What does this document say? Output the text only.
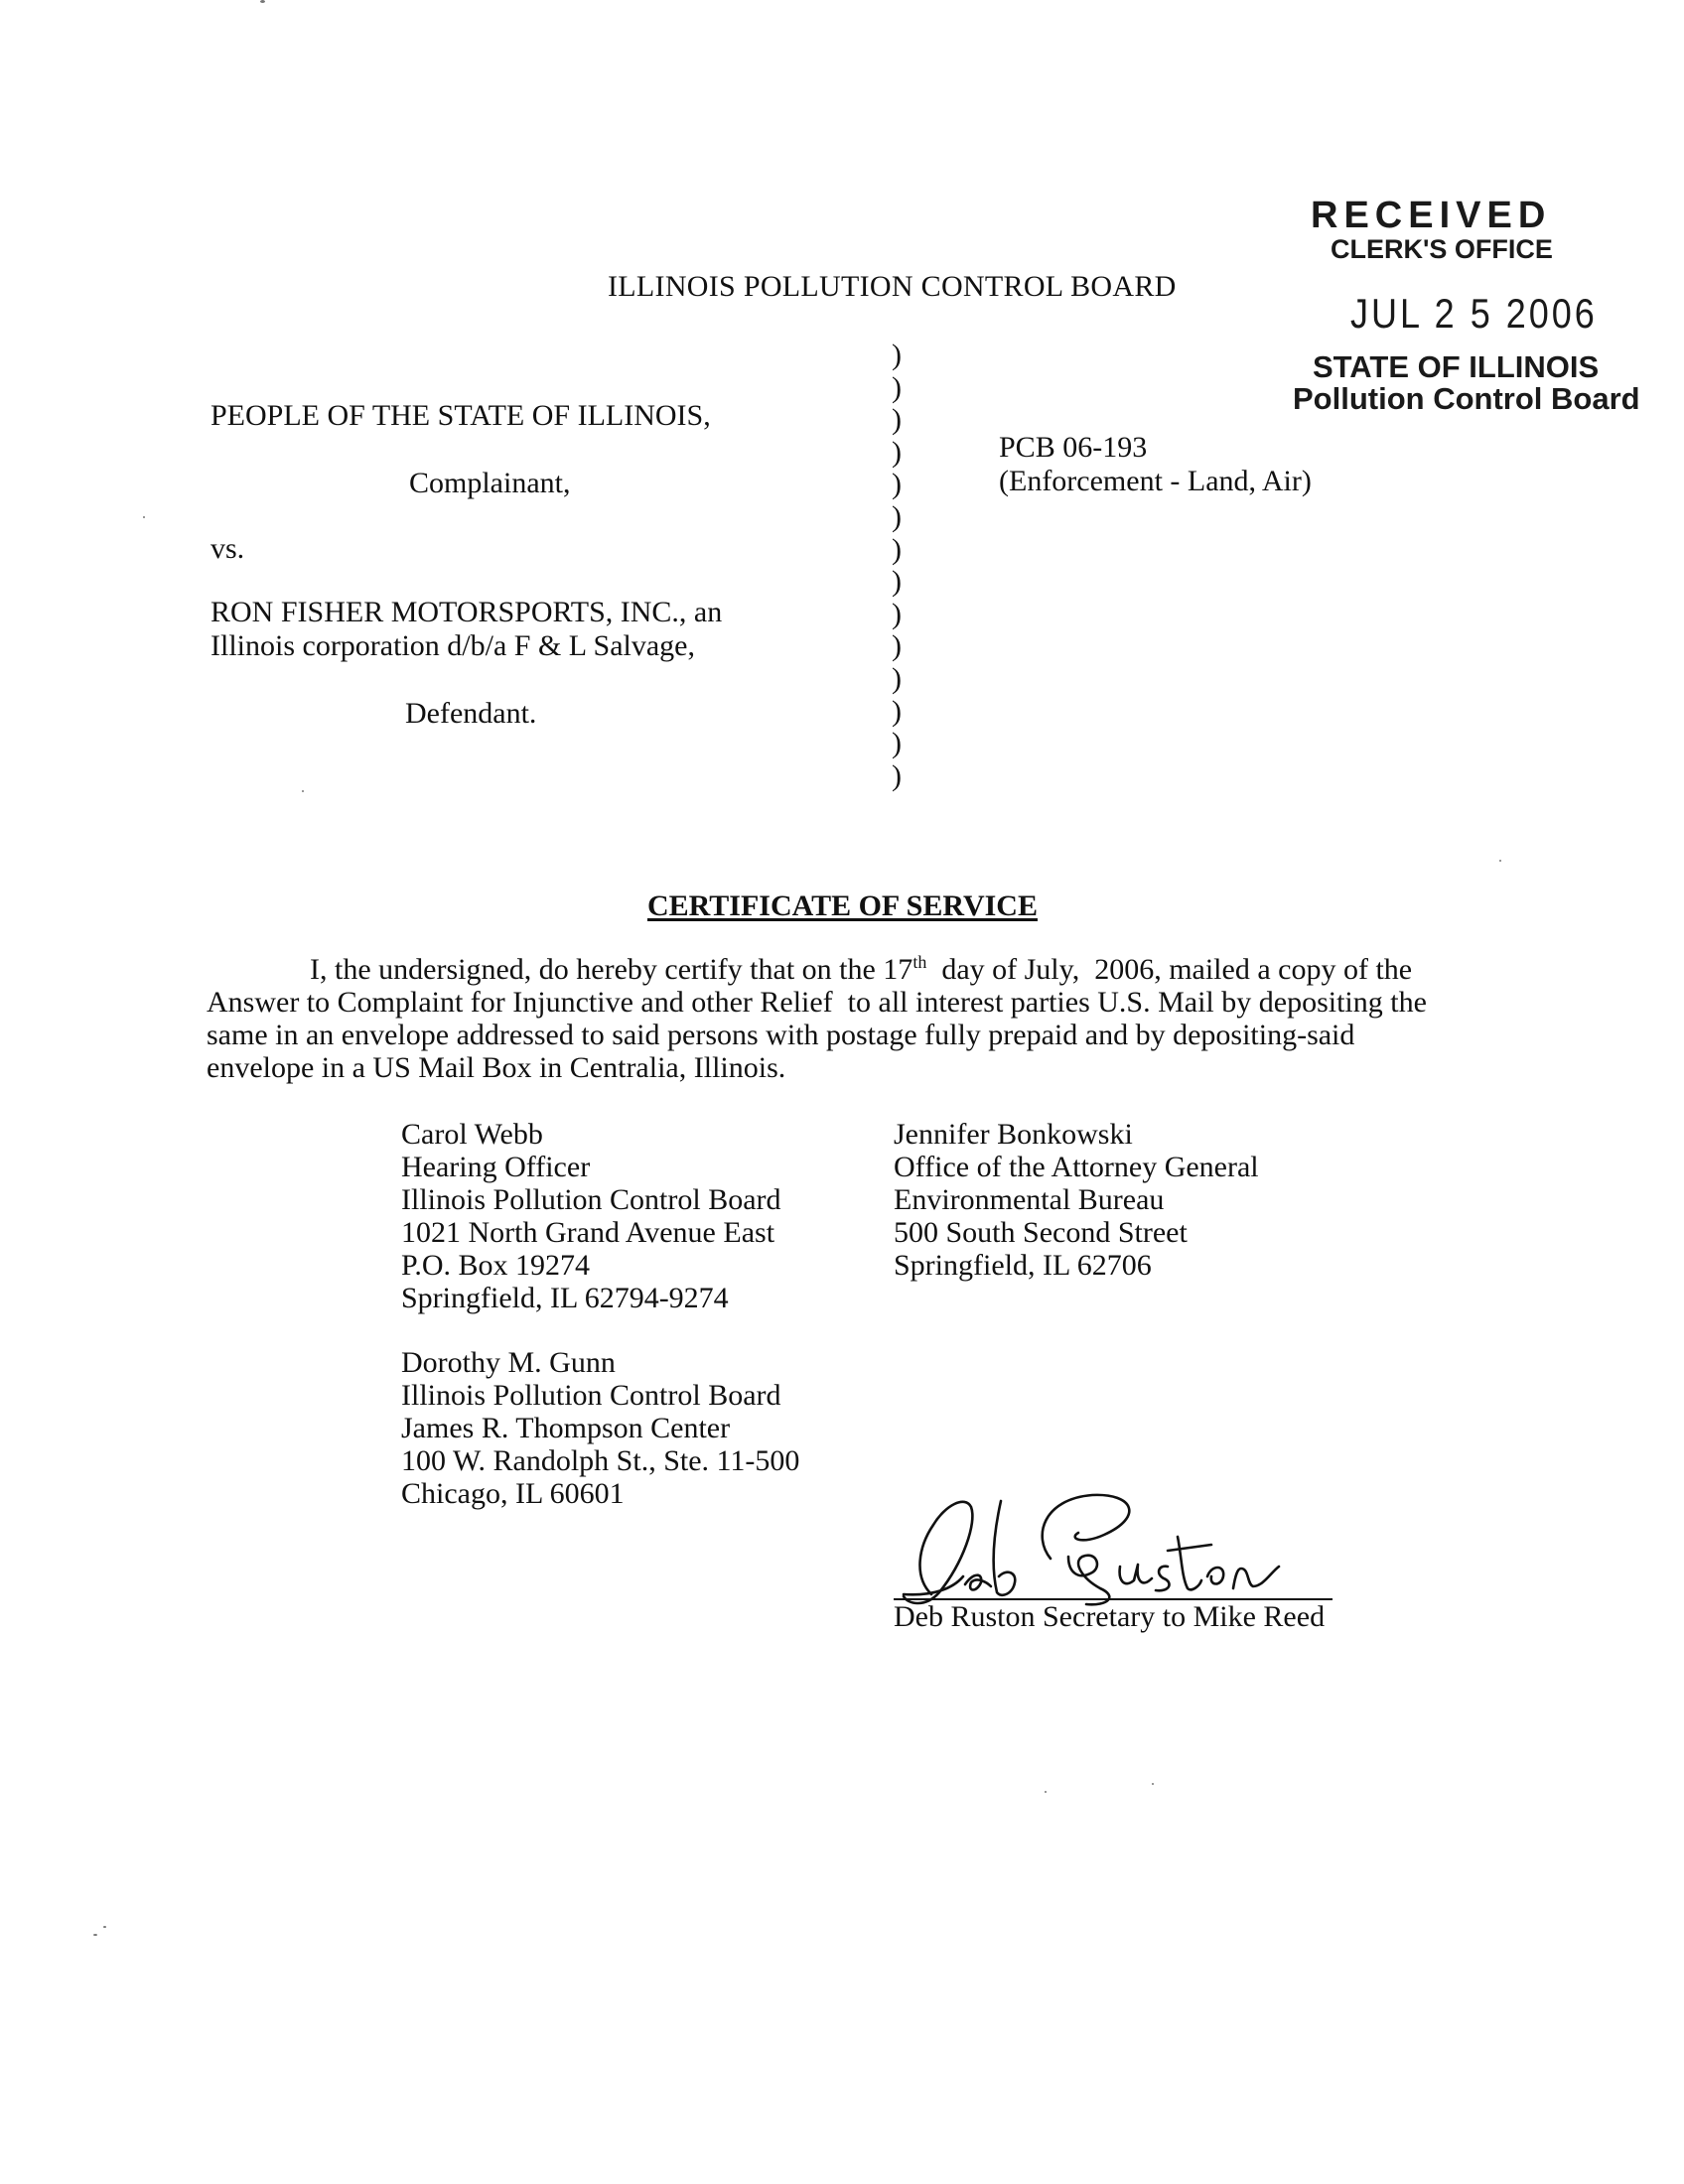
RECEIVED
CLERK'S OFFICE
JUL 2 5 2006
STATE OF ILLINOIS
Pollution Control Board
ILLINOIS POLLUTION CONTROL BOARD
)
)
)
)
)
)
)
)
)
)
)
)
)
)
PEOPLE OF THE STATE OF ILLINOIS,
Complainant,
vs.
RON FISHER MOTORSPORTS, INC., an
Illinois corporation d/b/a F & L Salvage,
Defendant.
PCB 06-193
(Enforcement - Land, Air)
CERTIFICATE OF SERVICE
I, the undersigned, do hereby certify that on the 17th  day of July,  2006, mailed a copy of the
Answer to Complaint for Injunctive and other Relief  to all interest parties U.S. Mail by depositing the
same in an envelope addressed to said persons with postage fully prepaid and by depositing-said
envelope in a US Mail Box in Centralia, Illinois.
Carol Webb
Hearing Officer
Illinois Pollution Control Board
1021 North Grand Avenue East
P.O. Box 19274
Springfield, IL 62794-9274
Jennifer Bonkowski
Office of the Attorney General
Environmental Bureau
500 South Second Street
Springfield, IL 62706
Dorothy M. Gunn
Illinois Pollution Control Board
James R. Thompson Center
100 W. Randolph St., Ste. 11-500
Chicago, IL 60601
Deb Ruston Secretary to Mike Reed
